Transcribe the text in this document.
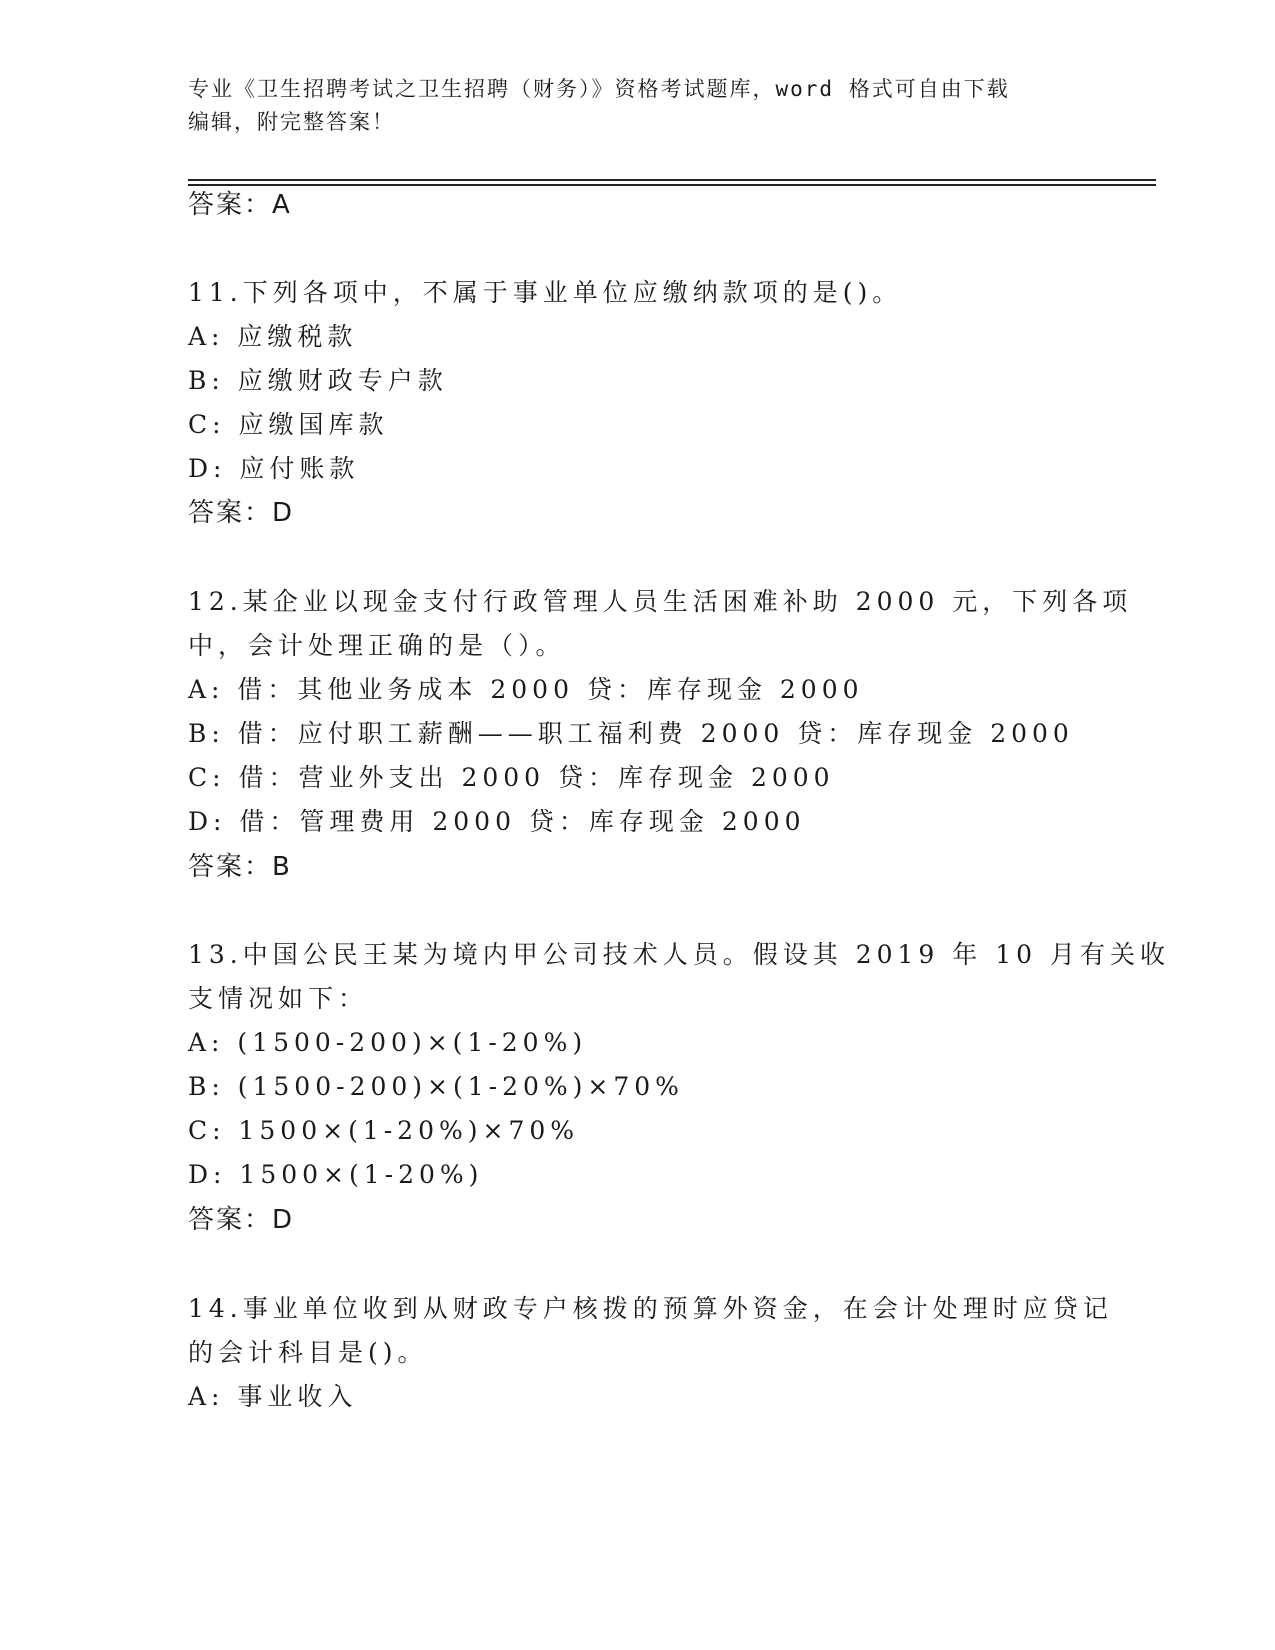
专业《卫生招聘考试之卫生招聘（财务）》资格考试题库，word 格式可自由下载
编辑，附完整答案！
答案：A
11.下列各项中，不属于事业单位应缴纳款项的是()。
A: 应缴税款
B: 应缴财政专户款
C: 应缴国库款
D: 应付账款
答案：D
12.某企业以现金支付行政管理人员生活困难补助 2000 元，下列各项
中，会计处理正确的是（）。
A: 借：其他业务成本 2000 贷：库存现金 2000
B: 借：应付职工薪酬——职工福利费 2000 贷：库存现金 2000
C: 借：营业外支出 2000 贷：库存现金 2000
D: 借：管理费用 2000 贷：库存现金 2000
答案：B
13.中国公民王某为境内甲公司技术人员。假设其 2019 年 10 月有关收
支情况如下：
A: (1500-200)×(1-20%)
B: (1500-200)×(1-20%)×70%
C: 1500×(1-20%)×70%
D: 1500×(1-20%)
答案：D
14.事业单位收到从财政专户核拨的预算外资金，在会计处理时应贷记
的会计科目是()。
A: 事业收入
